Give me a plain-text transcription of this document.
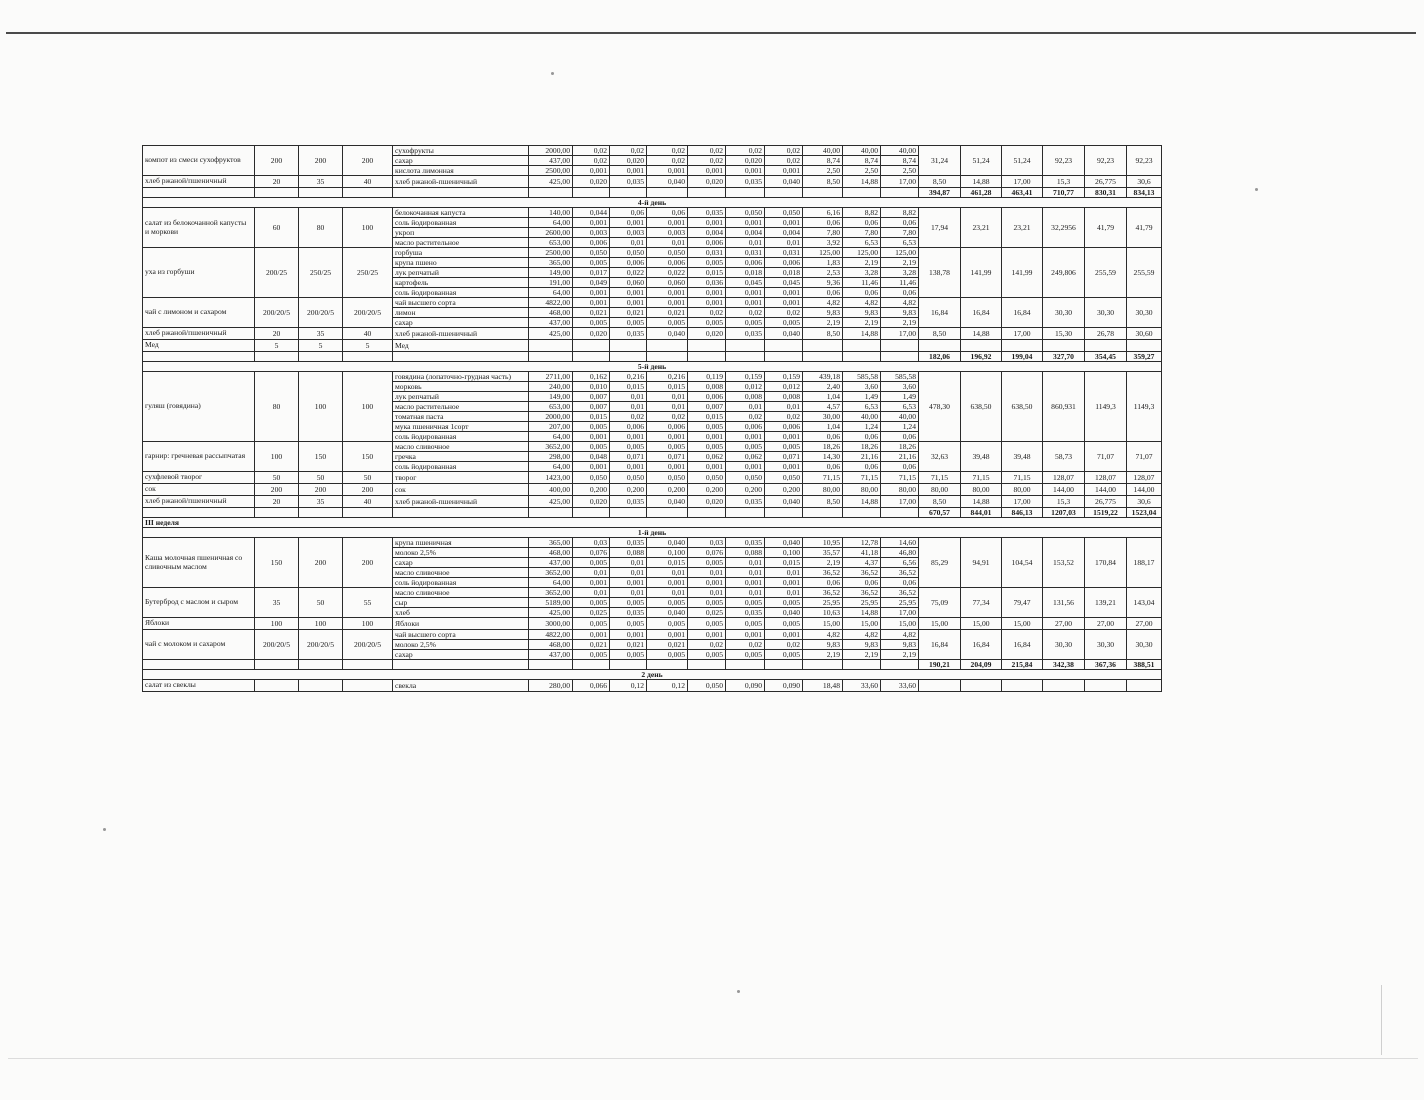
компот из смеси сухофруктов	200	200	200	сухофрукты	2000,00	0,02	0,02	0,02	0,02	0,02	0,02	40,00	40,00	40,00	31,24	51,24	51,24	92,23	92,23	92,23
				сахар	437,00	0,02	0,020	0,02	0,02	0,020	0,02	8,74	8,74	8,74						
				кислота лимонная	2500,00	0,001	0,001	0,001	0,001	0,001	0,001	2,50	2,50	2,50						
хлеб ржаной/пшеничный	20	35	40	хлеб ржаной-пшеничный	425,00	0,020	0,035	0,040	0,020	0,035	0,040	8,50	14,88	17,00	8,50	14,88	17,00	15,3	26,775	30,6
															394,87	461,28	463,41	710,77	830,31	834,13
4-й день																				
салат из белокочанной капусты и моркови	60	80	100	белокочанная капуста	140,00	0,044	0,06	0,06	0,035	0,050	0,050	6,16	8,82	8,82	17,94	23,21	23,21	32,2956	41,79	41,79
				соль йодированная	64,00	0,001	0,001	0,001	0,001	0,001	0,001	0,06	0,06	0,06						
				укроп	2600,00	0,003	0,003	0,003	0,004	0,004	0,004	7,80	7,80	7,80						
				масло растительное	653,00	0,006	0,01	0,01	0,006	0,01	0,01	3,92	6,53	6,53						
уха из горбуши	200/25	250/25	250/25	горбуша	2500,00	0,050	0,050	0,050	0,031	0,031	0,031	125,00	125,00	125,00	138,78	141,99	141,99	249,806	255,59	255,59
				крупа пшено	365,00	0,005	0,006	0,006	0,005	0,006	0,006	1,83	2,19	2,19						
				лук репчатый	149,00	0,017	0,022	0,022	0,015	0,018	0,018	2,53	3,28	3,28						
				картофель	191,00	0,049	0,060	0,060	0,036	0,045	0,045	9,36	11,46	11,46						
				соль йодированная	64,00	0,001	0,001	0,001	0,001	0,001	0,001	0,06	0,06	0,06						
чай с лимоном и сахаром	200/20/5	200/20/5	200/20/5	чай высшего сорта	4822,00	0,001	0,001	0,001	0,001	0,001	0,001	4,82	4,82	4,82	16,84	16,84	16,84	30,30	30,30	30,30
				лимон	468,00	0,021	0,021	0,021	0,02	0,02	0,02	9,83	9,83	9,83						
				сахар	437,00	0,005	0,005	0,005	0,005	0,005	0,005	2,19	2,19	2,19						
хлеб ржаной/пшеничный	20	35	40	хлеб ржаной-пшеничный	425,00	0,020	0,035	0,040	0,020	0,035	0,040	8,50	14,88	17,00	8,50	14,88	17,00	15,30	26,78	30,60
Мед	5	5	5	Мед																
															182,06	196,92	199,04	327,70	354,45	359,27
5-й день																				
гуляш (говядина)	80	100	100	говядина (лопаточно-грудная часть)	2711,00	0,162	0,216	0,216	0,119	0,159	0,159	439,18	585,58	585,58	478,30	638,50	638,50	860,931	1149,3	1149,3
				морковь	240,00	0,010	0,015	0,015	0,008	0,012	0,012	2,40	3,60	3,60						
				лук репчатый	149,00	0,007	0,01	0,01	0,006	0,008	0,008	1,04	1,49	1,49						
				масло растительное	653,00	0,007	0,01	0,01	0,007	0,01	0,01	4,57	6,53	6,53						
				томатная паста	2000,00	0,015	0,02	0,02	0,015	0,02	0,02	30,00	40,00	40,00						
				мука пшеничная 1сорт	207,00	0,005	0,006	0,006	0,005	0,006	0,006	1,04	1,24	1,24						
				соль йодированная	64,00	0,001	0,001	0,001	0,001	0,001	0,001	0,06	0,06	0,06						
гарнир: гречневая рассыпчатая	100	150	150	масло сливочное	3652,00	0,005	0,005	0,005	0,005	0,005	0,005	18,26	18,26	18,26	32,63	39,48	39,48	58,73	71,07	71,07
				гречка	298,00	0,048	0,071	0,071	0,062	0,062	0,071	14,30	21,16	21,16						
				соль йодированная	64,00	0,001	0,001	0,001	0,001	0,001	0,001	0,06	0,06	0,06						
сухфлевой творог	50	50	50	творог	1423,00	0,050	0,050	0,050	0,050	0,050	0,050	71,15	71,15	71,15	71,15	71,15	71,15	128,07	128,07	128,07
сок	200	200	200	сок	400,00	0,200	0,200	0,200	0,200	0,200	0,200	80,00	80,00	80,00	80,00	80,00	80,00	144,00	144,00	144,00
хлеб ржаной/пшеничный	20	35	40	хлеб ржаной-пшеничный	425,00	0,020	0,035	0,040	0,020	0,035	0,040	8,50	14,88	17,00	8,50	14,88	17,00	15,3	26,775	30,6
															670,57	844,01	846,13	1207,03	1519,22	1523,04
III неделя																				
1-й день																				
Каша молочная пшеничная со сливочным маслом	150	200	200	крупа пшеничная	365,00	0,03	0,035	0,040	0,03	0,035	0,040	10,95	12,78	14,60	85,29	94,91	104,54	153,52	170,84	188,17
				молоко 2,5%	468,00	0,076	0,088	0,100	0,076	0,088	0,100	35,57	41,18	46,80						
				сахар	437,00	0,005	0,01	0,015	0,005	0,01	0,015	2,19	4,37	6,56						
				масло сливочное	3652,00	0,01	0,01	0,01	0,01	0,01	0,01	36,52	36,52	36,52						
				соль йодированная	64,00	0,001	0,001	0,001	0,001	0,001	0,001	0,06	0,06	0,06						
Бутерброд с маслом и сыром	35	50	55	масло сливочное	3652,00	0,01	0,01	0,01	0,01	0,01	0,01	36,52	36,52	36,52	75,09	77,34	79,47	131,56	139,21	143,04
				сыр	5189,00	0,005	0,005	0,005	0,005	0,005	0,005	25,95	25,95	25,95						
				хлеб	425,00	0,025	0,035	0,040	0,025	0,035	0,040	10,63	14,88	17,00						
Яблоки	100	100	100	Яблоки	3000,00	0,005	0,005	0,005	0,005	0,005	0,005	15,00	15,00	15,00	15,00	15,00	15,00	27,00	27,00	27,00
чай с молоком и сахаром	200/20/5	200/20/5	200/20/5	чай высшего сорта	4822,00	0,001	0,001	0,001	0,001	0,001	0,001	4,82	4,82	4,82	16,84	16,84	16,84	30,30	30,30	30,30
				молоко 2,5%	468,00	0,021	0,021	0,021	0,02	0,02	0,02	9,83	9,83	9,83						
				сахар	437,00	0,005	0,005	0,005	0,005	0,005	0,005	2,19	2,19	2,19						
															190,21	204,09	215,84	342,38	367,36	388,51
2 день																				
салат из свеклы				свекла	280,00	0,066	0,12	0,12	0,050	0,090	0,090	18,48	33,60	33,60						
